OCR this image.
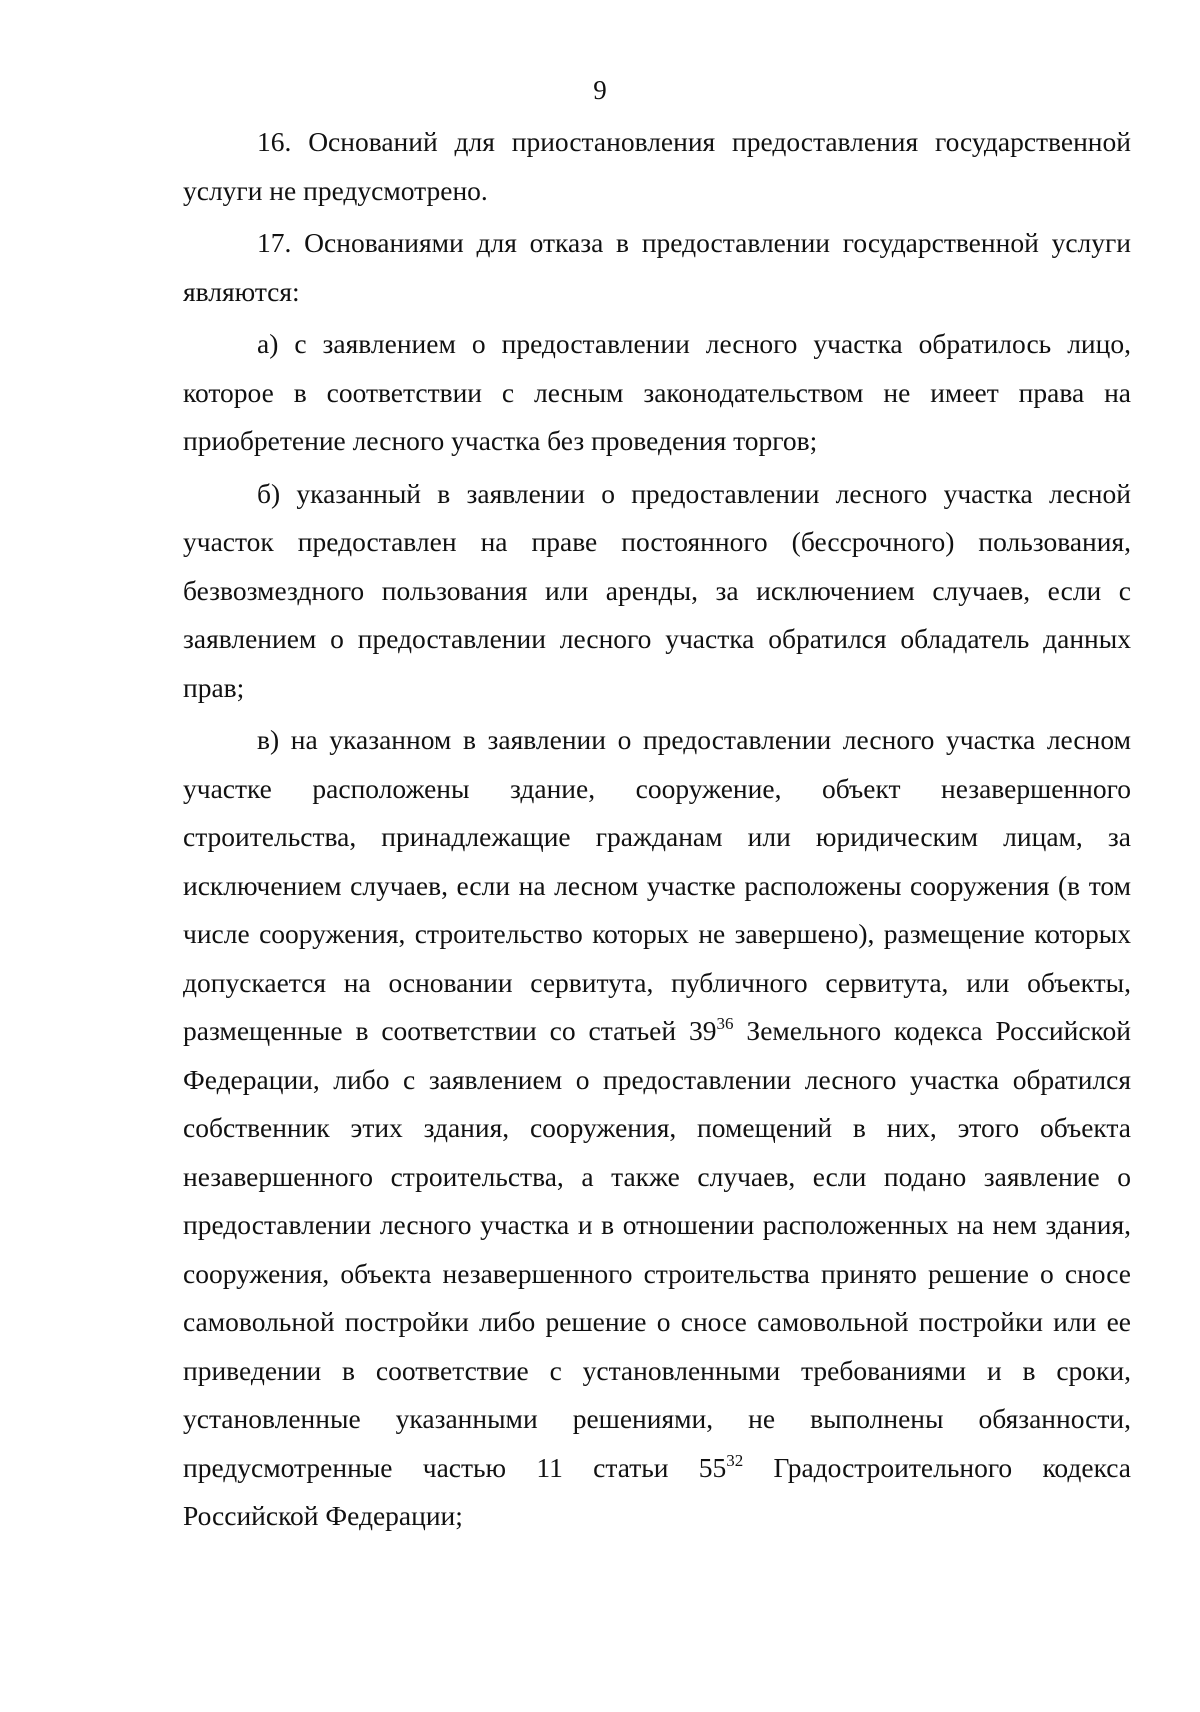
9

16. Оснований для приостановления предоставления государственной услуги не предусмотрено.

17. Основаниями для отказа в предоставлении государственной услуги являются:

а) с заявлением о предоставлении лесного участка обратилось лицо, которое в соответствии с лесным законодательством не имеет права на приобретение лесного участка без проведения торгов;

б) указанный в заявлении о предоставлении лесного участка лесной участок предоставлен на праве постоянного (бессрочного) пользования, безвозмездного пользования или аренды, за исключением случаев, если с заявлением о предоставлении лесного участка обратился обладатель данных прав;

в) на указанном в заявлении о предоставлении лесного участка лесном участке расположены здание, сооружение, объект незавершенного строительства, принадлежащие гражданам или юридическим лицам, за исключением случаев, если на лесном участке расположены сооружения (в том числе сооружения, строительство которых не завершено), размещение которых допускается на основании сервитута, публичного сервитута, или объекты, размещенные в соответствии со статьей $39^{36}$ Земельного кодекса Российской Федерации, либо с заявлением о предоставлении лесного участка обратился собственник этих здания, сооружения, помещений в них, этого объекта незавершенного строительства, а также случаев, если подано заявление о предоставлении лесного участка и в отношении расположенных на нем здания, сооружения, объекта незавершенного строительства принято решение о сносе самовольной постройки либо решение о сносе самовольной постройки или ее приведении в соответствие с установленными требованиями и в сроки, установленные указанными решениями, не выполнены обязанности, предусмотренные частью 11 статьи $55^{32}$ Градостроительного кодекса Российской Федерации;
